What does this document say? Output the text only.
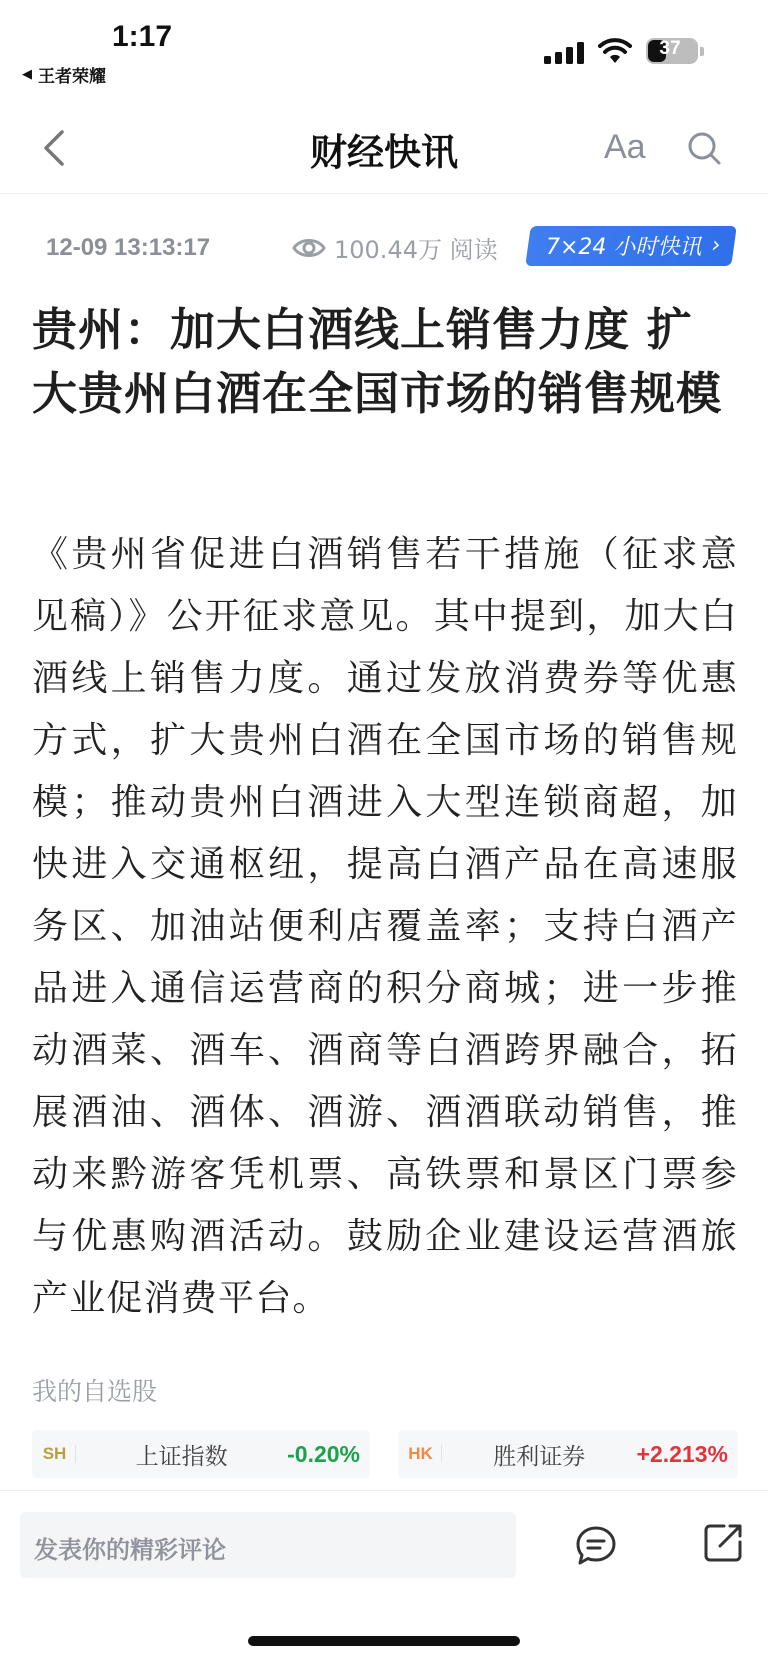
1:17
◀ 王者荣耀
37
财经快讯	Aa
12-09 13:13:17	100.44万 阅读 7×24 小时快讯 ›
贵州：加大白酒线上销售力度 扩大贵州白酒在全国市场的销售规模
《贵州省促进白酒销售若干措施（征求意见稿）》公开征求意见。其中提到，加大白酒线上销售力度。通过发放消费券等优惠方式，扩大贵州白酒在全国市场的销售规模；推动贵州白酒进入大型连锁商超，加快进入交通枢纽，提高白酒产品在高速服务区、加油站便利店覆盖率；支持白酒产品进入通信运营商的积分商城；进一步推动酒菜、酒车、酒商等白酒跨界融合，拓展酒油、酒体、酒游、酒酒联动销售，推动来黔游客凭机票、高铁票和景区门票参与优惠购酒活动。鼓励企业建设运营酒旅产业促消费平台。
我的自选股
SH	上证指数	-0.20%	HK	胜利证券	+2.213%
发表你的精彩评论
